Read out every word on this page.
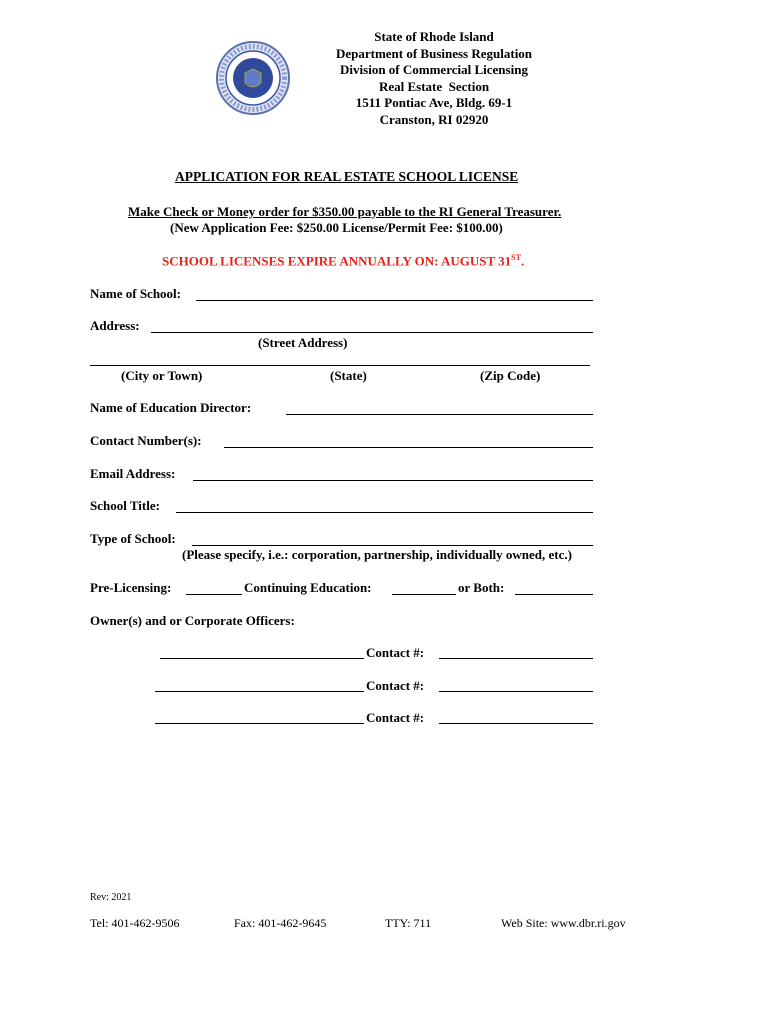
State of Rhode Island
Department of Business Regulation
Division of Commercial Licensing
Real Estate  Section
1511 Pontiac Ave, Bldg. 69-1
Cranston, RI 02920
APPLICATION FOR REAL ESTATE SCHOOL LICENSE
Make Check or Money order for $350.00 payable to the RI General Treasurer.
(New Application Fee: $250.00 License/Permit Fee: $100.00)
SCHOOL LICENSES EXPIRE ANNUALLY ON: AUGUST 31ST.
Name of School:
Address:
(Street Address)
(City or Town)	(State)	(Zip Code)
Name of Education Director:
Contact Number(s):
Email Address:
School Title:
Type of School:
(Please specify, i.e.: corporation, partnership, individually owned, etc.)
Pre-Licensing:	Continuing Education:	or Both:
Owner(s) and or Corporate Officers:
Contact #:
Contact #:
Contact #:
Rev: 2021
Tel: 401-462-9506	Fax: 401-462-9645	TTY: 711	Web Site: www.dbr.ri.gov
